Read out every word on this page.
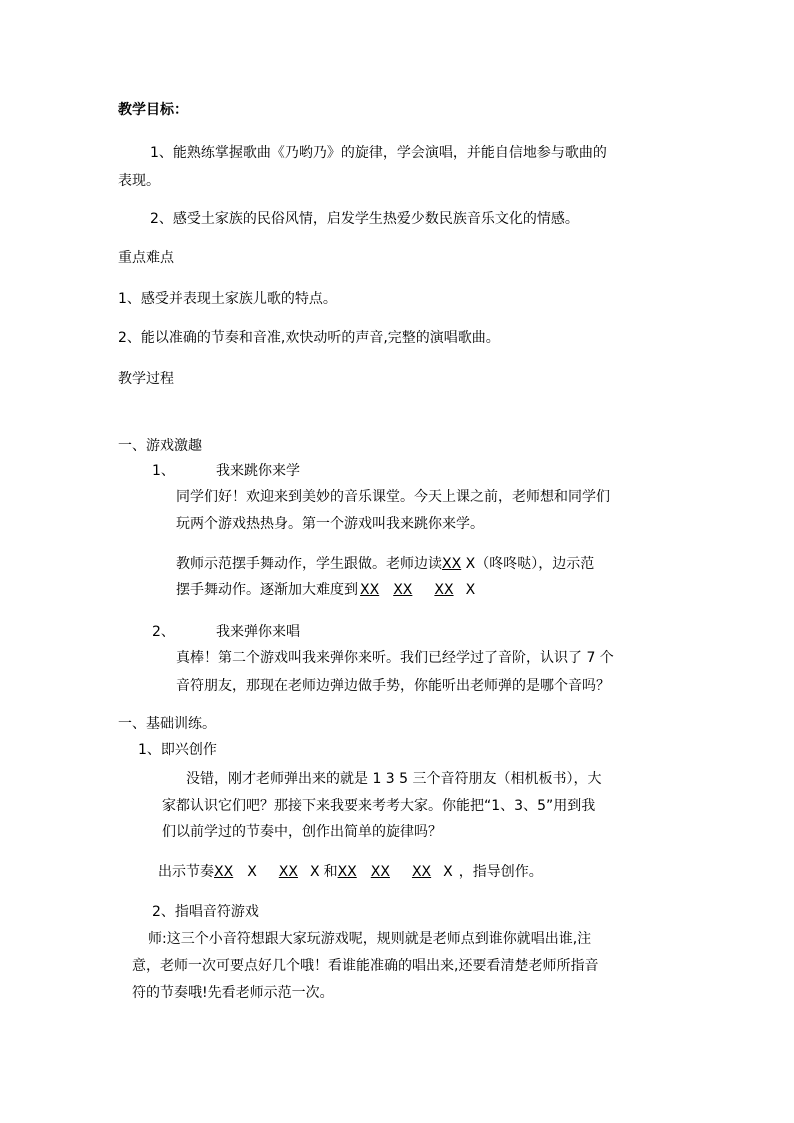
教学目标：
1、能熟练掌握歌曲《乃哟乃》的旋律，学会演唱，并能自信地参与歌曲的
表现。
2、感受土家族的民俗风情，启发学生热爱少数民族音乐文化的情感。
重点难点
1、感受并表现土家族儿歌的特点。
2、能以准确的节奏和音准,欢快动听的声音,完整的演唱歌曲。
教学过程
一、游戏激趣
1、	我来跳你来学
同学们好！欢迎来到美妙的音乐课堂。今天上课之前，老师想和同学们
玩两个游戏热热身。第一个游戏叫我来跳你来学。
教师示范摆手舞动作，学生跟做。老师边读XX X（咚咚哒），边示范
摆手舞动作。逐渐加大难度到 XX XX XX X
2、	我来弹你来唱
真棒！第二个游戏叫我来弹你来听。我们已经学过了音阶，认识了 7 个
音符朋友，那现在老师边弹边做手势，你能听出老师弹的是哪个音吗？
一、基础训练。
1、即兴创作
没错，刚才老师弹出来的就是 1 3 5 三个音符朋友（相机板书），大
家都认识它们吧？那接下来我要来考考大家。你能把“1、3、5”用到我
们以前学过的节奏中，创作出简单的旋律吗？
出示节奏XX X XX X 和XX XX XX X ，指导创作。
2、指唱音符游戏
师:这三个小音符想跟大家玩游戏呢，规则就是老师点到谁你就唱出谁,注
意，老师一次可要点好几个哦！看谁能准确的唱出来,还要看清楚老师所指音
符的节奏哦!先看老师示范一次。
